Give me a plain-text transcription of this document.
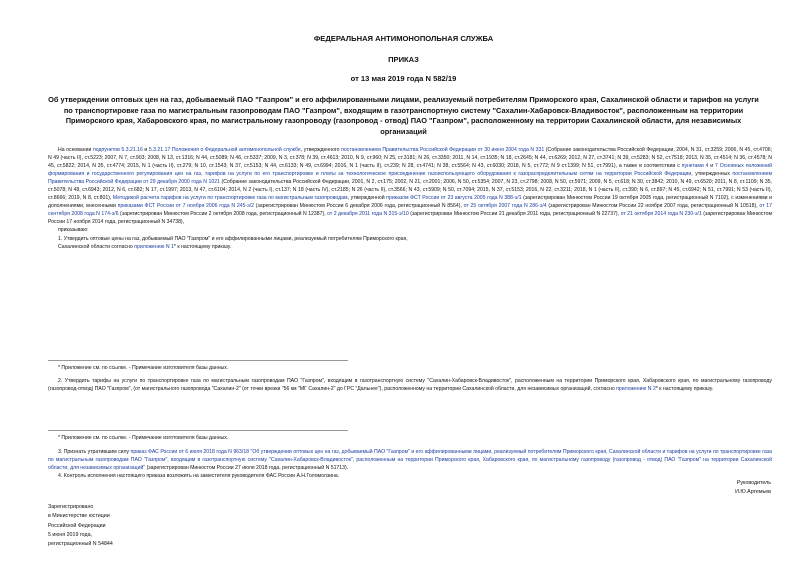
ФЕДЕРАЛЬНАЯ АНТИМОНОПОЛЬНАЯ СЛУЖБА
ПРИКАЗ
от 13 мая 2019 года N 582/19
Об утверждении оптовых цен на газ, добываемый ПАО "Газпром" и его аффилированными лицами, реализуемый потребителям Приморского края, Сахалинской области и тарифов на услуги по транспортировке газа по магистральным газопроводам ПАО "Газпром", входящим в газотранспортную систему "Сахалин-Хабаровск-Владивосток", расположенным на территории Приморского края, Хабаровского края, по магистральному газопроводу (газопровод - отвод) ПАО "Газпром", расположенному на территории Сахалинской области, для независимых организаций
На основании подпунктов 5.3.21.16 и 5.3.21.17 Положения о Федеральной антимонопольной службе, утвержденного постановлением Правительства Российской Федерации от 30 июня 2004 года N 331 (Собрание законодательства Российской Федерации, 2004, N 31, ст.3259; 2006, N 45, ст.4706; N 49 (часть II), ст.5223; 2007, N 7, ст.903; 2008, N 13, ст.1316; N 44, ст.5089; N 46, ст.5337; 2009, N 3, ст.378; N 39, ст.4613; 2010, N 9, ст.960; N 25, ст.3181; N 26, ст.3350; 2011, N 14, ст.1935; N 18, ст.2645; N 44, ст.6269; 2012, N 27, ст.3741; N 39, ст.5283; N 52, ст.7518; 2013, N 35, ст.4514; N 36, ст.4578; N 45, ст.5822; 2014, N 35, ст.4774; 2015, N 1 (часть II), ст.279; N 10, ст.1543; N 37, ст.5153; N 44, ст.6133; N 49, ст.6994; 2016, N 1 (часть II), ст.239; N 28, ст.4741; N 38, ст.5564; N 43, ст.6030; 2018, N 5, ст.772; N 9 ст.1399; N 51, ст.7991), а также в соответствии с пунктами 4 и 7 Основных положений формирования и государственного регулирования цен на газ, тарифов на услуги по его транспортировке и платы за технологическое присоединение газоиспользующего оборудования к газораспределительным сетям на территории Российской Федерации, утвержденных постановлением Правительства Российской Федерации от 29 декабря 2000 года N 1021 (Собрание законодательства Российской Федерации, 2001, N 2, ст.175; 2002, N 21, ст.2001; 2006, N 50, ст.5354; 2007, N 23, ст.2798; 2008, N 50, ст.5971; 2009, N 5, ст.618; N 30, ст.3842; 2010, N 49, ст.6520; 2011, N 8, ст.1109; N 35, ст.5078; N 48, ст.6943; 2012, N 6, ст.682; N 17, ст.1997; 2013, N 47, ст.6104; 2014, N 2 (часть I), ст.137; N 18 (часть IV), ст.2185; N 26 (часть II), ст.3566; N 43, ст.5909; N 50, ст.7094; 2015, N 37, ст.5153; 2016, N 22, ст.3211; 2018, N 1 (часть II), ст.390; N 6, ст.897; N 45, ст.6942; N 51, ст.7991; N 53 (часть II), ст.8666; 2019, N 8, ст.801), Методикой расчета тарифов на услуги по транспортировке газа по магистральным газопроводам, утвержденной приказом ФСТ России от 23 августа 2005 года N 388-э/1 (зарегистрирован Минюстом России 19 октября 2005 года, регистрационный N 7102), с изменениями и дополнениями, внесенными приказами ФСТ России от 7 ноября 2006 года N 245-э/2 (зарегистрирован Минюстом России 6 декабря 2006 года, регистрационный N 8564), от 25 октября 2007 года N 286-э/4 (зарегистрирован Минюстом России 22 ноября 2007 года, регистрационный N 10518), от 17 сентября 2008 года N 174-э/6 (зарегистрирован Минюстом России 2 октября 2008 года, регистрационный N 12387), от 2 декабря 2011 года N 315-э/10 (зарегистрирован Минюстом России 21 декабря 2011 года, регистрационный N 22737), от 21 октября 2014 года N 230-э/1 (зарегистрирован Минюстом России 17 ноября 2014 года, регистрационный N 34738),
приказываю:
1. Утвердить оптовые цены на газ, добываемый ПАО "Газпром" и его аффилированными лицами, реализуемый потребителям Приморского края,
Сахалинской области согласно приложению N 1* к настоящему приказу.
* Приложение см. по ссылке. - Примечание изготовителя базы данных.
2. Утвердить тарифы на услуги по транспортировке газа по магистральным газопроводам ПАО "Газпром", входящим в газотранспортную систему "Сахалин-Хабаровск-Владивосток", расположенным на территории Приморского края, Хабаровского края, по магистральному газопроводу (газопровод-отвод) ПАО "Газпром", (от магистрального газопровода "Сахалин-2" (от точки врезки "56 км "МГ Сахалин-2" до ГРС "Дальнее"), расположенному на территории Сахалинской области, для независимых организаций, согласно приложению N 2* к настоящему приказу.
* Приложение см. по ссылке. - Примечание изготовителя базы данных.
3. Признать утратившим силу приказ ФАС России от 6 июля 2018 года N 963/18 "Об утверждении оптовых цен на газ, добываемый ПАО "Газпром" и его аффилированными лицами, реализуемый потребителям Приморского края, Сахалинской области и тарифов на услуги по транспортировке газа по магистральным газопроводам ПАО "Газпром", входящим в газотранспортную систему "Сахалин-Хабаровск-Владивосток", расположенным на территории Приморского края, Хабаровского края, по магистральному газопроводу (газопровод - отвод) ПАО "Газпром" на территории Сахалинской области, для независимых организаций" (зарегистрирован Минюстом России 27 июля 2018 года, регистрационный N 51713).
4. Контроль исполнения настоящего приказа возложить на заместителя руководителя ФАС России А.Н.Голомолзина.
Руководитель
И.Ю.Артемьев
Зарегистрировано
в Министерстве юстиции
Российской Федерации
5 июня 2019 года,
регистрационный N 54844
